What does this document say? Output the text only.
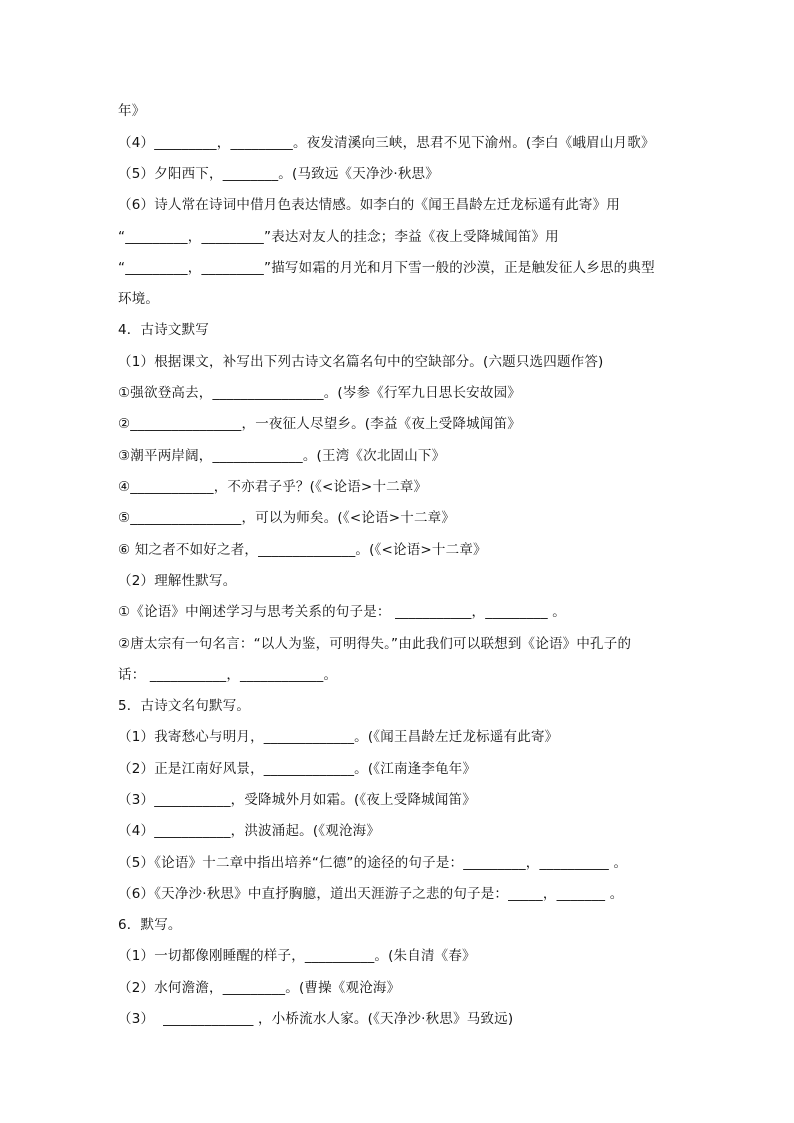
年》
（4）_________，_________。夜发清溪向三峡，思君不见下渝州。(李白《峨眉山月歌》
（5）夕阳西下，________。(马致远《天净沙·秋思》
（6）诗人常在诗词中借月色表达情感。如李白的《闻王昌龄左迁龙标遥有此寄》用
“_________，_________”表达对友人的挂念；李益《夜上受降城闻笛》用
“_________，_________”描写如霜的月光和月下雪一般的沙漠，正是触发征人乡思的典型
环境。
4．古诗文默写
（1）根据课文，补写出下列古诗文名篇名句中的空缺部分。(六题只选四题作答)
①强欲登高去，________________。(岑参《行军九日思长安故园》
②________________，一夜征人尽望乡。(李益《夜上受降城闻笛》
③潮平两岸阔，_____________。(王湾《次北固山下》
④____________，不亦君子乎？(《<论语>十二章》
⑤________________，可以为师矣。(《<论语>十二章》
⑥ 知之者不如好之者，______________。(《<论语>十二章》
（2）理解性默写。
①《论语》中阐述学习与思考关系的句子是： ___________，_________ 。
②唐太宗有一句名言：“以人为鉴，可明得失。”由此我们可以联想到《论语》中孔子的
话： ___________，____________。
5．古诗文名句默写。
（1）我寄愁心与明月，_____________。(《闻王昌龄左迁龙标遥有此寄》
（2）正是江南好风景，_____________。(《江南逢李龟年》
（3）___________，受降城外月如霜。(《夜上受降城闻笛》
（4）___________，洪波涌起。(《观沧海》
（5）《论语》十二章中指出培养“仁德”的途径的句子是：_________，__________ 。
（6）《天净沙·秋思》中直抒胸臆，道出天涯游子之悲的句子是：_____，_______ 。
6．默写。
（1）一切都像刚睡醒的样子，__________。(朱自清《春》
（2）水何澹澹，_________。(曹操《观沧海》
（3）  _____________ ，小桥流水人家。(《天净沙·秋思》马致远)
